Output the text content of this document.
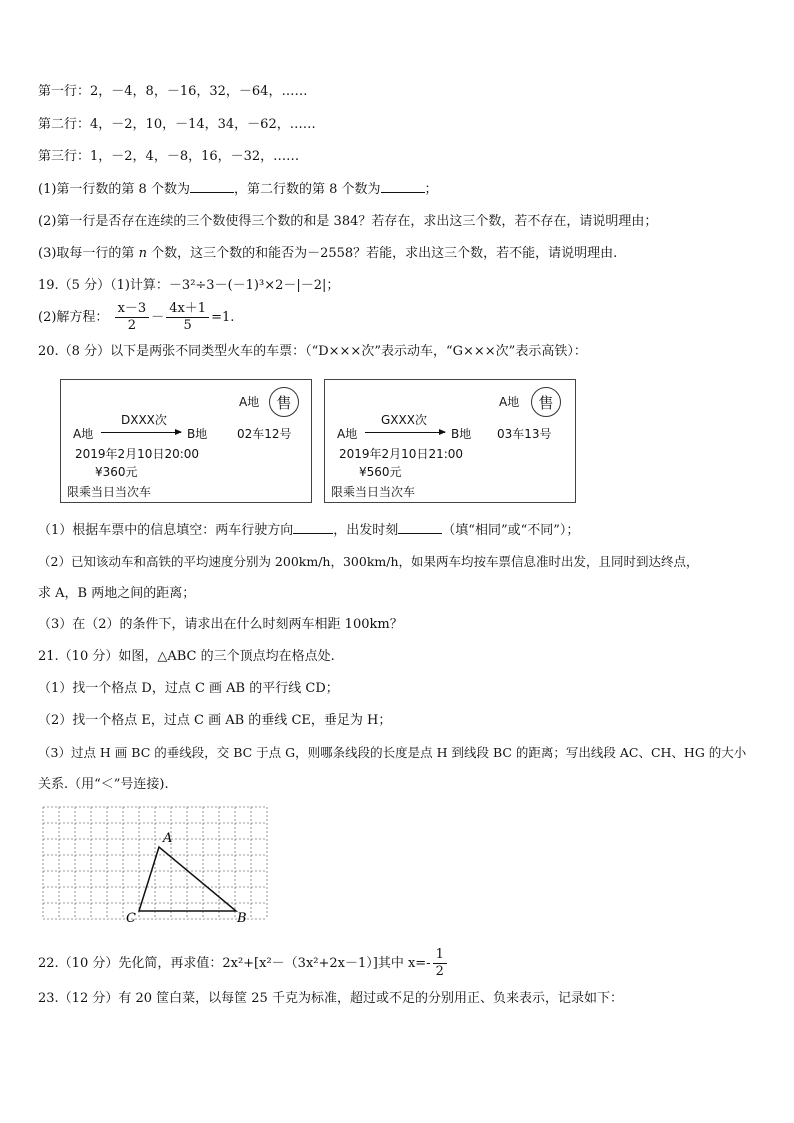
第一行：2，－4，8，－16，32，－64，……
第二行：4，－2，10，－14，34，－62，……
第三行：1，－2，4，－8，16，－32，……
(1)第一行数的第 8 个数为	，第二行数的第 8 个数为	；
(2)第一行是否存在连续的三个数使得三个数的和是 384？若存在，求出这三个数，若不存在，请说明理由；
(3)取每一行的第 n 个数，这三个数的和能否为－2558？若能，求出这三个数，若不能，请说明理由.
19.（5 分）（1)计算：－3²÷3－(－1)³×2－|－2|；
(2)解方程： $\frac{x-3}{2} - \frac{4x+1}{5} =1$.
20.（8 分）以下是两张不同类型火车的车票：（“D×××次”表示动车，“G×××次”表示高铁）：
A地 售
DXXX次
A地	B地 02车12号
2019年2月10日20:00
¥360元
限乘当日当次车
A地 售
GXXX次
A地	B地 03车13号
2019年2月10日21:00
¥560元
限乘当日当次车
（1）根据车票中的信息填空：两车行驶方向	，出发时刻	（填“相同”或“不同”）；
（2）已知该动车和高铁的平均速度分别为 200km/h，300km/h，如果两车均按车票信息准时出发，且同时到达终点，
求 A，B 两地之间的距离；
（3）在（2）的条件下，请求出在什么时刻两车相距 100km？
21.（10 分）如图，△ABC 的三个顶点均在格点处.
（1）找一个格点 D，过点 C 画 AB 的平行线 CD；
（2）找一个格点 E，过点 C 画 AB 的垂线 CE，垂足为 H；
（3）过点 H 画 BC 的垂线段，交 BC 于点 G，则哪条线段的长度是点 H 到线段 BC 的距离；写出线段 AC、CH、HG 的大小
关系.（用“＜”号连接).
A
C	B
22.（10 分）先化简，再求值：2x²+[x²－（3x²+2x－1）]其中 $x=- \frac{1}{2}$
23.（12 分）有 20 筐白菜，以每筐 25 千克为标准，超过或不足的分别用正、负来表示，记录如下：
